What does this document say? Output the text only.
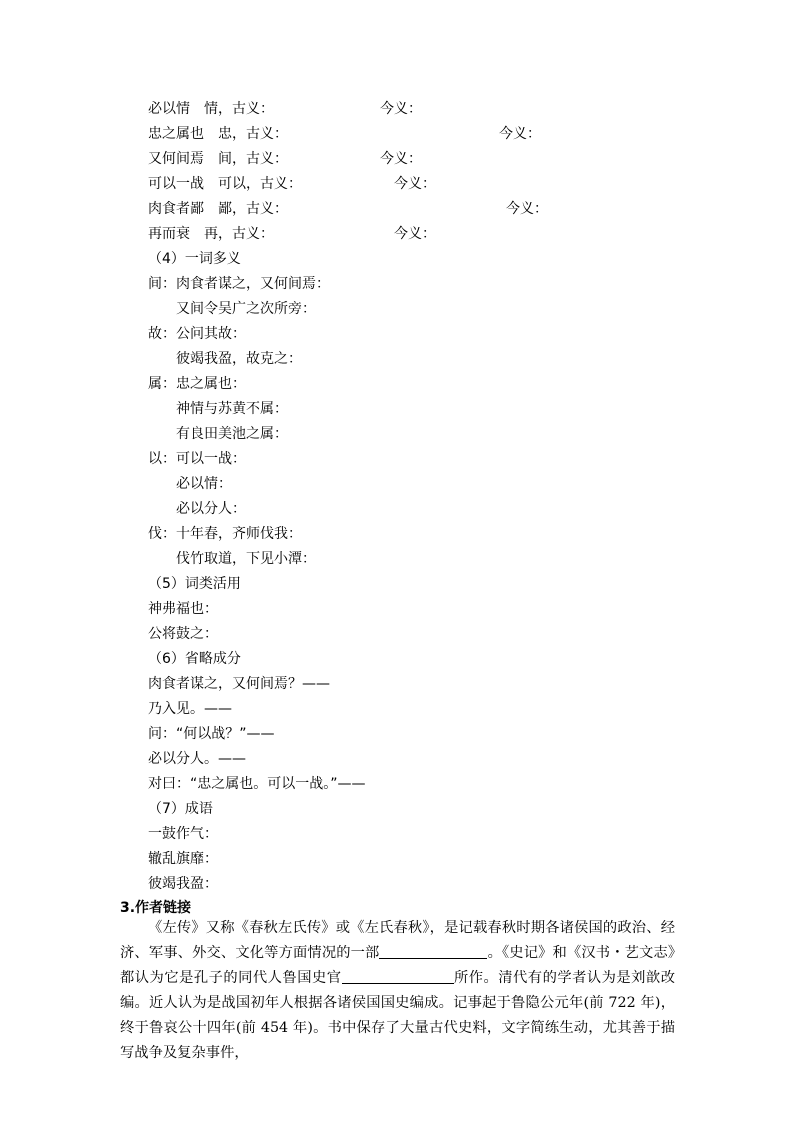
必以情　情，古义：	今义：
忠之属也　忠，古义：	今义：
又何间焉　间，古义：	今义：
可以一战　可以，古义：	今义：
肉食者鄙　鄙，古义：	今义：
再而衰　再，古义：	今义：
（4）一词多义
间：肉食者谋之，又何间焉：
又间令吴广之次所旁：
故：公问其故：
彼竭我盈，故克之：
属：忠之属也：
神情与苏黄不属：
有良田美池之属：
以：可以一战：
必以情：
必以分人：
伐：十年春，齐师伐我：
伐竹取道，下见小潭：
（5）词类活用
神弗福也：
公将鼓之：
（6）省略成分
肉食者谋之，又何间焉？——
乃入见。——
问：“何以战？”——
必以分人。——
对曰：“忠之属也。可以一战。”——
（7）成语
一鼓作气：
辙乱旗靡：
彼竭我盈：
3.作者链接
《左传》又称《春秋左氏传》或《左氏春秋》，是记载春秋时期各诸侯国的政治、经济、军事、外交、文化等方面情况的一部	。《史记》和《汉书・艺文志》都认为它是孔子的同代人鲁国史官	所作。清代有的学者认为是刘歆改编。近人认为是战国初年人根据各诸侯国国史编成。记事起于鲁隐公元年(前 722 年)，终于鲁哀公十四年(前 454 年)。书中保存了大量古代史料，文字简练生动，尤其善于描写战争及复杂事件，
